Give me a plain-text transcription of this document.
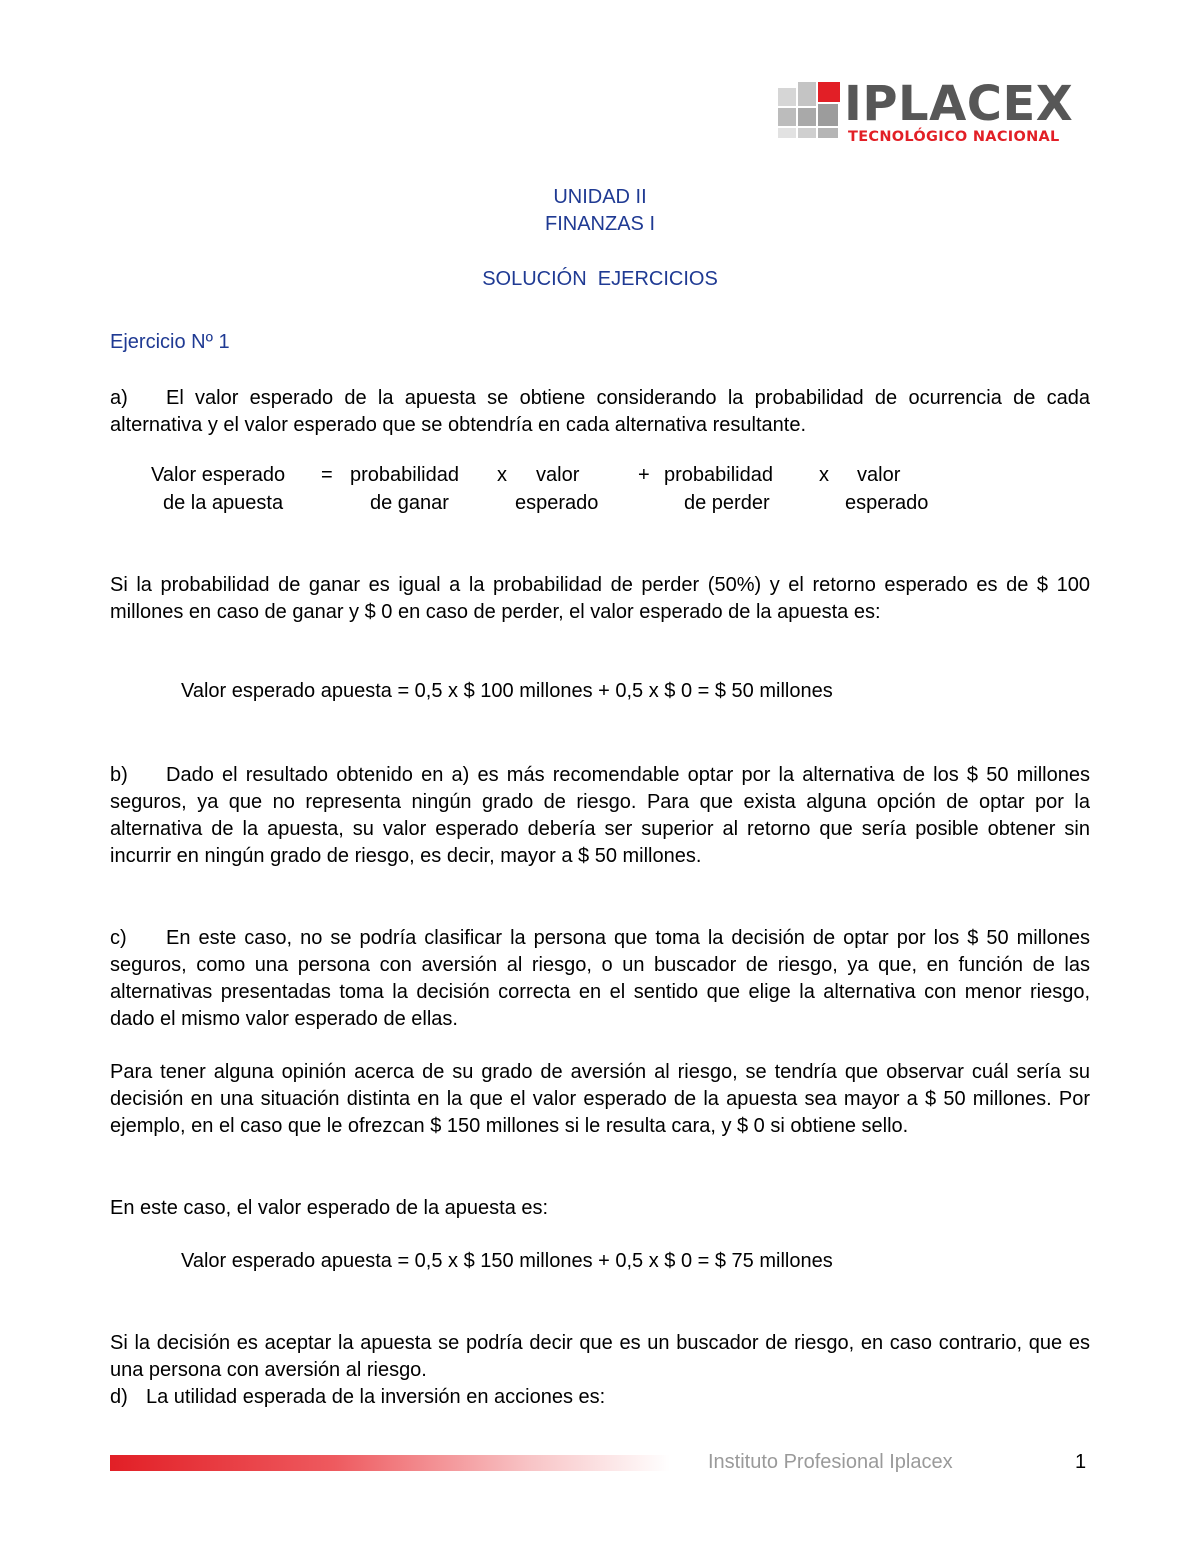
IPLACEX
TECNOLÓGICO NACIONAL
UNIDAD II
FINANZAS I
SOLUCIÓN  EJERCICIOS
Ejercicio Nº 1
a) El valor esperado de la apuesta se obtiene considerando la probabilidad de ocurrencia de cada alternativa y el valor esperado que se obtendría en cada alternativa resultante.
Valor esperado = probabilidad x valor	+ probabilidad x valor
de la apuesta	de ganar	esperado	de perder	esperado
Si la probabilidad de ganar es igual a la probabilidad de perder (50%) y el retorno esperado es de $ 100 millones en caso de ganar y $ 0 en caso de perder, el valor esperado de la apuesta es:
Valor esperado apuesta = 0,5 x $ 100 millones + 0,5 x $ 0 = $ 50 millones
b) Dado el resultado obtenido en a) es más recomendable optar por la alternativa de los $ 50 millones seguros, ya que no representa ningún grado de riesgo. Para que exista alguna opción de optar por la alternativa de la apuesta, su valor esperado debería ser superior al retorno que sería posible obtener sin incurrir en ningún grado de riesgo, es decir, mayor a $ 50 millones.
c) En este caso, no se podría clasificar la persona que toma la decisión de optar por los $ 50 millones seguros, como una persona con aversión al riesgo, o un buscador de riesgo, ya que, en función de las alternativas presentadas toma la decisión correcta en el sentido que elige la alternativa con menor riesgo, dado el mismo valor esperado de ellas.
Para tener alguna opinión acerca de su grado de aversión al riesgo, se tendría que observar cuál sería su decisión en una situación distinta en la que el valor esperado de la apuesta sea mayor a $ 50 millones. Por ejemplo, en el caso que le ofrezcan $ 150 millones si le resulta cara, y $ 0 si obtiene sello.
En este caso, el valor esperado de la apuesta es:
Valor esperado apuesta = 0,5 x $ 150 millones + 0,5 x $ 0 = $ 75 millones
Si la decisión es aceptar la apuesta se podría decir que es un buscador de riesgo, en caso contrario, que es una persona con aversión al riesgo.
d) La utilidad esperada de la inversión en acciones es:
Instituto Profesional Iplacex	1
